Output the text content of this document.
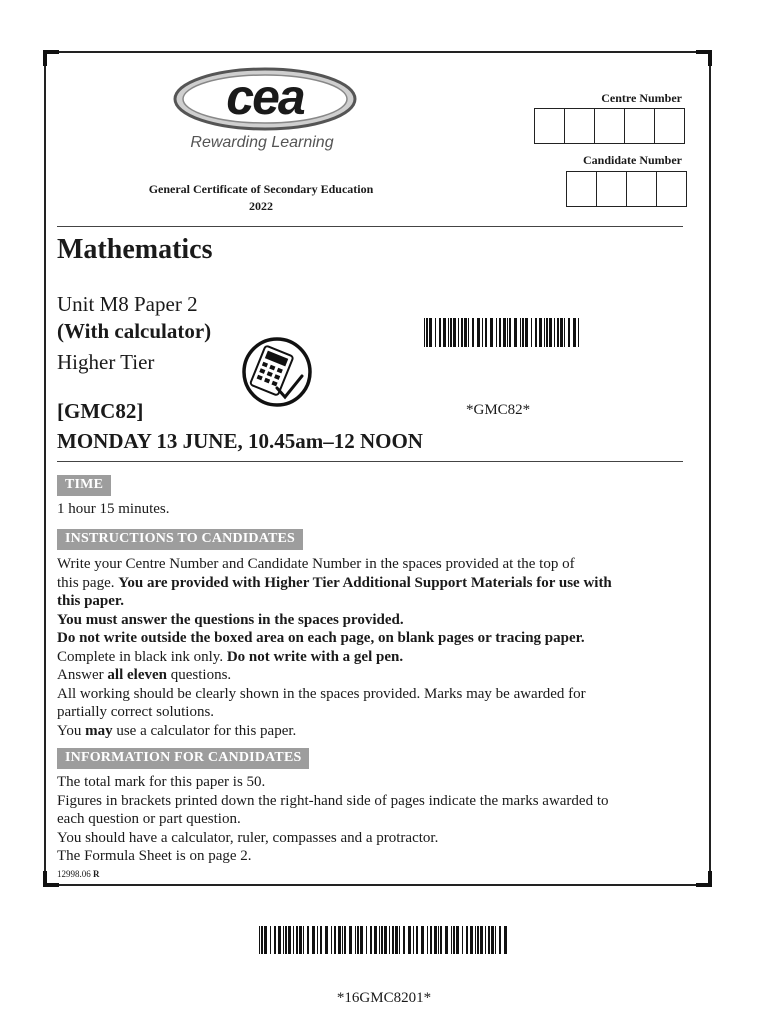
cea
Rewarding Learning
Centre Number
Candidate Number
General Certificate of Secondary Education
2022
Mathematics
Unit M8 Paper 2
(With calculator)
Higher Tier
[GMC82]	*GMC82*
MONDAY 13 JUNE, 10.45am–12 NOON
TIME
1 hour 15 minutes.
INSTRUCTIONS TO CANDIDATES

Write your Centre Number and Candidate Number in the spaces provided at the top of

this page. You are provided with Higher Tier Additional Support Materials for use with

this paper.

You must answer the questions in the spaces provided.

Do not write outside the boxed area on each page, on blank pages or tracing paper.

Complete in black ink only. Do not write with a gel pen.

Answer all eleven questions.

All working should be clearly shown in the spaces provided. Marks may be awarded for

partially correct solutions.

You may use a calculator for this paper.

INFORMATION FOR CANDIDATES

The total mark for this paper is 50.

Figures in brackets printed down the right-hand side of pages indicate the marks awarded to

each question or part question.

You should have a calculator, ruler, compasses and a protractor.

The Formula Sheet is on page 2.

12998.06 R
*16GMC8201*
